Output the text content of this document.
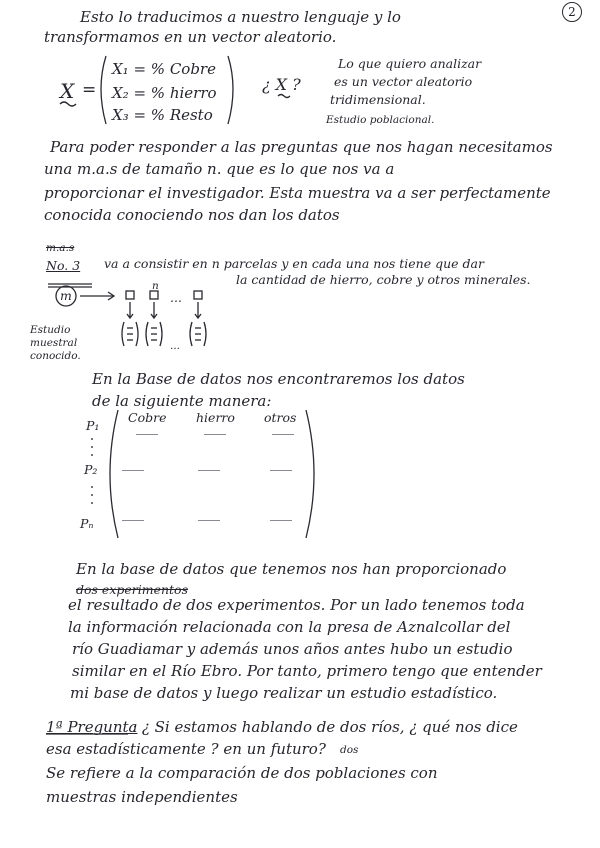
2
Esto lo traducimos a nuestro lenguaje y lo
transformamos en un vector aleatorio.
X =
X₁ = % Cobre
X₂ = % hierro
X₃ = % Resto
¿ X ?
Lo que quiero analizar
es un vector aleatorio
tridimensional.
Estudio poblacional.
Para poder responder a las preguntas que nos hagan necesitamos
una m.a.s de tamaño n. que es lo que nos va a
proporcionar el investigador. Esta muestra va a ser perfectamente
conocida conociendo nos dan los datos
m.a.s
No. 3 va a consistir en n parcelas y en cada una nos tiene que dar
la cantidad de hierro, cobre y otros minerales.
n
m	...
...
Estudio
muestral
conocido.
En la Base de datos nos encontraremos los datos
de la siguiente manera:
Cobre hierro otros
P₁
P₂
Pₙ
En la base de datos que tenemos nos han proporcionado
dos experimentos
el resultado de dos experimentos. Por un lado tenemos toda
la información relacionada con la presa de Aznalcollar del
río Guadiamar y además unos años antes hubo un estudio
similar en el Río Ebro. Por tanto, primero tengo que entender
mi base de datos y luego realizar un estudio estadístico.
1ª Pregunta
: ¿ Si estamos hablando de dos ríos, ¿ qué nos dice
esa estadísticamente ? en un futuro? dos
Se refiere a la comparación de dos poblaciones con
muestras independientes
